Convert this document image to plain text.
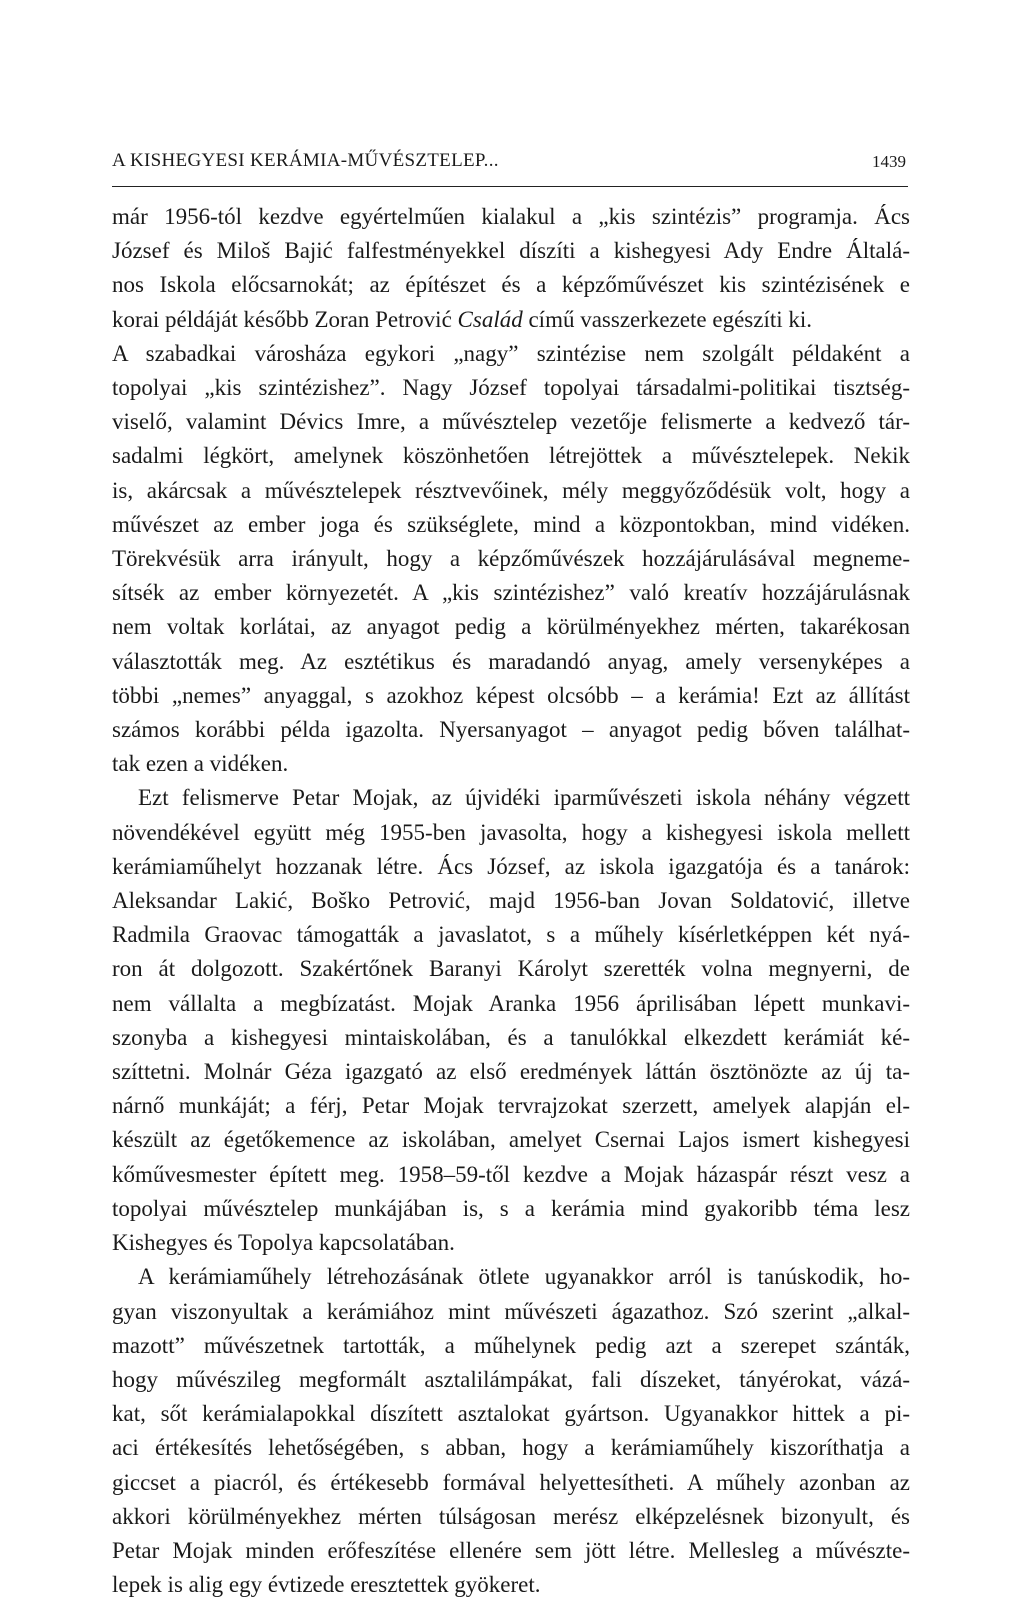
A KISHEGYESI KERÁMIA-MŰVÉSZTELEP...	1439

már 1956-tól kezdve egyértelműen kialakul a „kis szintézis” programja. Ács
József és Miloš Bajić falfestményekkel díszíti a kishegyesi Ady Endre Általá-
nos Iskola előcsarnokát; az építészet és a képzőművészet kis szintézisének e
korai példáját később Zoran Petrović Család című vasszerkezete egészíti ki.

A szabadkai városháza egykori „nagy” szintézise nem szolgált példaként a
topolyai „kis szintézishez”. Nagy József topolyai társadalmi-politikai tisztség-
viselő, valamint Dévics Imre, a művésztelep vezetője felismerte a kedvező tár-
sadalmi légkört, amelynek köszönhetően létrejöttek a művésztelepek. Nekik
is, akárcsak a művésztelepek résztvevőinek, mély meggyőződésük volt, hogy a
művészet az ember joga és szükséglete, mind a központokban, mind vidéken.
Törekvésük arra irányult, hogy a képzőművészek hozzájárulásával megneme-
sítsék az ember környezetét. A „kis szintézishez” való kreatív hozzájárulásnak
nem voltak korlátai, az anyagot pedig a körülményekhez mérten, takarékosan
választották meg. Az esztétikus és maradandó anyag, amely versenyképes a
többi „nemes” anyaggal, s azokhoz képest olcsóbb – a kerámia! Ezt az állítást
számos korábbi példa igazolta. Nyersanyagot – anyagot pedig bőven találhat-
tak ezen a vidéken.

Ezt felismerve Petar Mojak, az újvidéki iparművészeti iskola néhány végzett
növendékével együtt még 1955-ben javasolta, hogy a kishegyesi iskola mellett
kerámiaműhelyt hozzanak létre. Ács József, az iskola igazgatója és a tanárok:
Aleksandar Lakić, Boško Petrović, majd 1956-ban Jovan Soldatović, illetve
Radmila Graovac támogatták a javaslatot, s a műhely kísérletképpen két nyá-
ron át dolgozott. Szakértőnek Baranyi Károlyt szerették volna megnyerni, de
nem vállalta a megbízatást. Mojak Aranka 1956 áprilisában lépett munkavi-
szonyba a kishegyesi mintaiskolában, és a tanulókkal elkezdett kerámiát ké-
szíttetni. Molnár Géza igazgató az első eredmények láttán ösztönözte az új ta-
nárnő munkáját; a férj, Petar Mojak tervrajzokat szerzett, amelyek alapján el-
készült az égetőkemence az iskolában, amelyet Csernai Lajos ismert kishegyesi
kőművesmester épített meg. 1958–59-től kezdve a Mojak házaspár részt vesz a
topolyai művésztelep munkájában is, s a kerámia mind gyakoribb téma lesz
Kishegyes és Topolya kapcsolatában.

A kerámiaműhely létrehozásának ötlete ugyanakkor arról is tanúskodik, ho-
gyan viszonyultak a kerámiához mint művészeti ágazathoz. Szó szerint „alkal-
mazott” művészetnek tartották, a műhelynek pedig azt a szerepet szánták,
hogy művészileg megformált asztalilámpákat, fali díszeket, tányérokat, vázá-
kat, sőt kerámialapokkal díszített asztalokat gyártson. Ugyanakkor hittek a pi-
aci értékesítés lehetőségében, s abban, hogy a kerámiaműhely kiszoríthatja a
giccset a piacról, és értékesebb formával helyettesítheti. A műhely azonban az
akkori körülményekhez mérten túlságosan merész elképzelésnek bizonyult, és
Petar Mojak minden erőfeszítése ellenére sem jött létre. Mellesleg a művészte-
lepek is alig egy évtizede eresztettek gyökeret.
